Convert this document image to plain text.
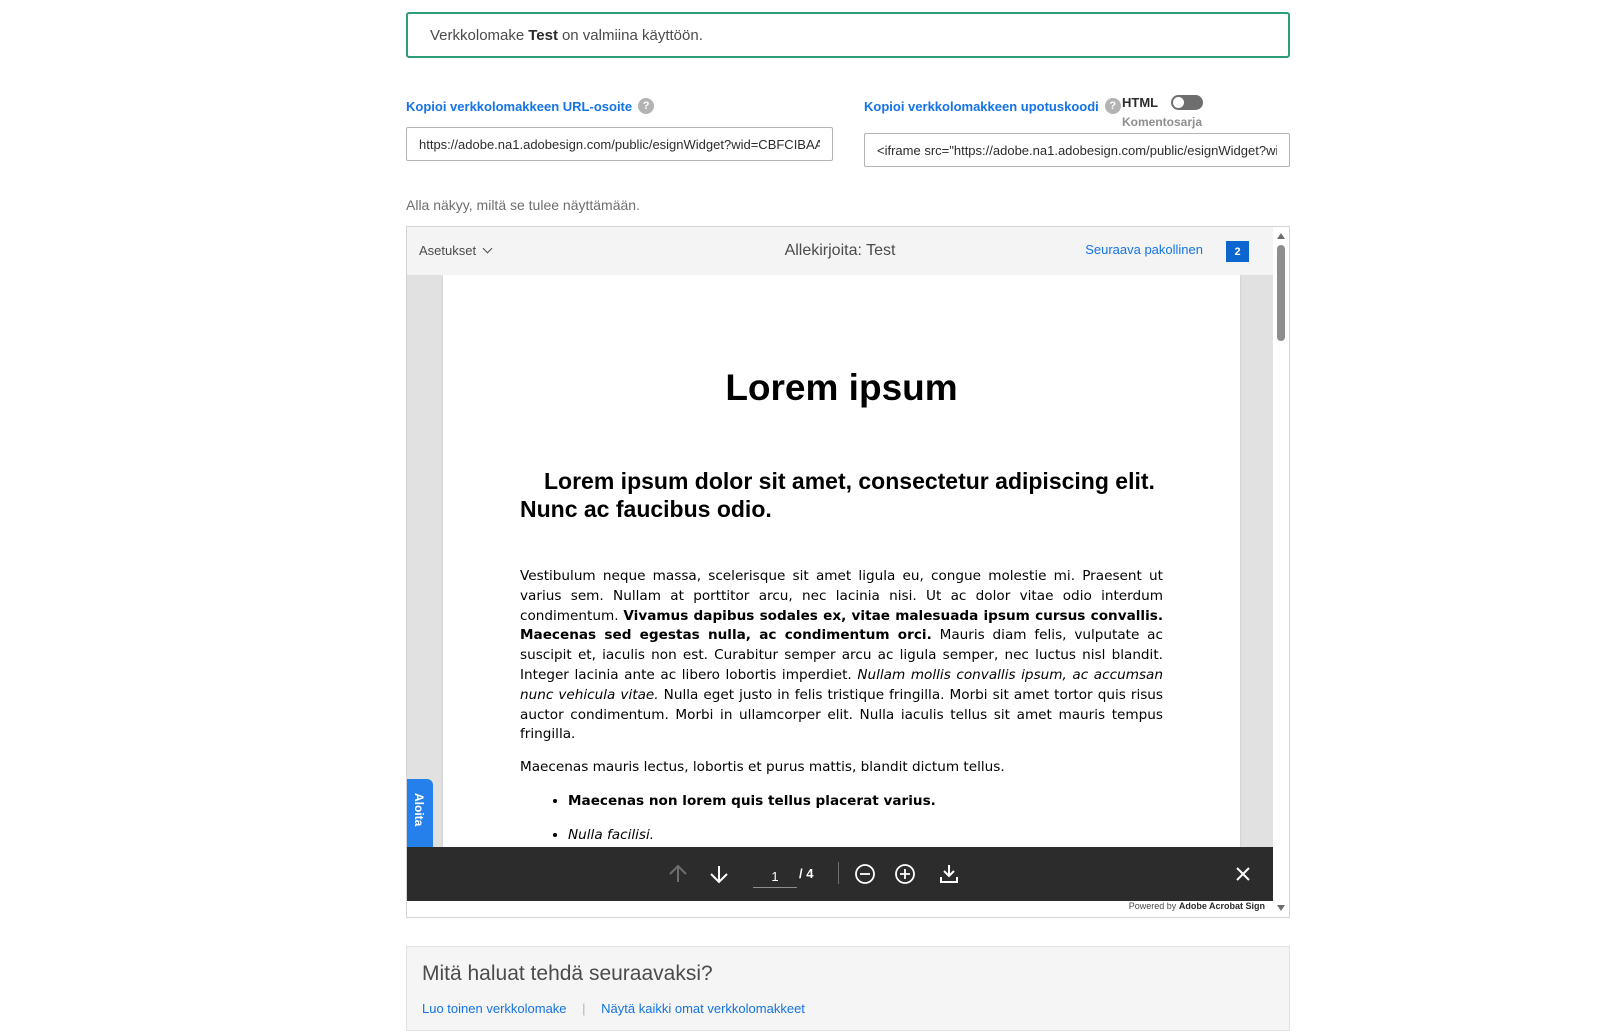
Verkkolomake Test on valmiina käyttöön.
Kopioi verkkolomakkeen URL-osoite ?
https://adobe.na1.adobesign.com/public/esignWidget?wid=CBFCIBAA3	Kopioi verkkolomakkeen upotuskoodi ? HTML
Komentosarja
<iframe src="https://adobe.na1.adobesign.com/public/esignWidget?wid
Alla näkyy, miltä se tulee näyttämään.
Asetukset	Allekirjoita: Test	Seuraava pakollinen	2
Lorem ipsum
Lorem ipsum dolor sit amet, consectetur adipiscing elit. Nunc ac faucibus odio.
Vestibulum neque massa, scelerisque sit amet ligula eu, congue molestie mi. Praesent ut varius sem. Nullam at porttitor arcu, nec lacinia nisi. Ut ac dolor vitae odio interdum condimentum. Vivamus dapibus sodales ex, vitae malesuada ipsum cursus convallis. Maecenas sed egestas nulla, ac condimentum orci. Mauris diam felis, vulputate ac suscipit et, iaculis non est. Curabitur semper arcu ac ligula semper, nec luctus nisl blandit. Integer lacinia ante ac libero lobortis imperdiet. Nullam mollis convallis ipsum, ac accumsan nunc vehicula vitae. Nulla eget justo in felis tristique fringilla. Morbi sit amet tortor quis risus auctor condimentum. Morbi in ullamcorper elit. Nulla iaculis tellus sit amet mauris tempus fringilla.
Maecenas mauris lectus, lobortis et purus mattis, blandit dictum tellus.
• Maecenas non lorem quis tellus placerat varius.
• Nulla facilisi.
Aloita
1
/ 4
Powered by Adobe Acrobat Sign
Mitä haluat tehdä seuraavaksi?
Luo toinen verkkolomake | Näytä kaikki omat verkkolomakkeet
